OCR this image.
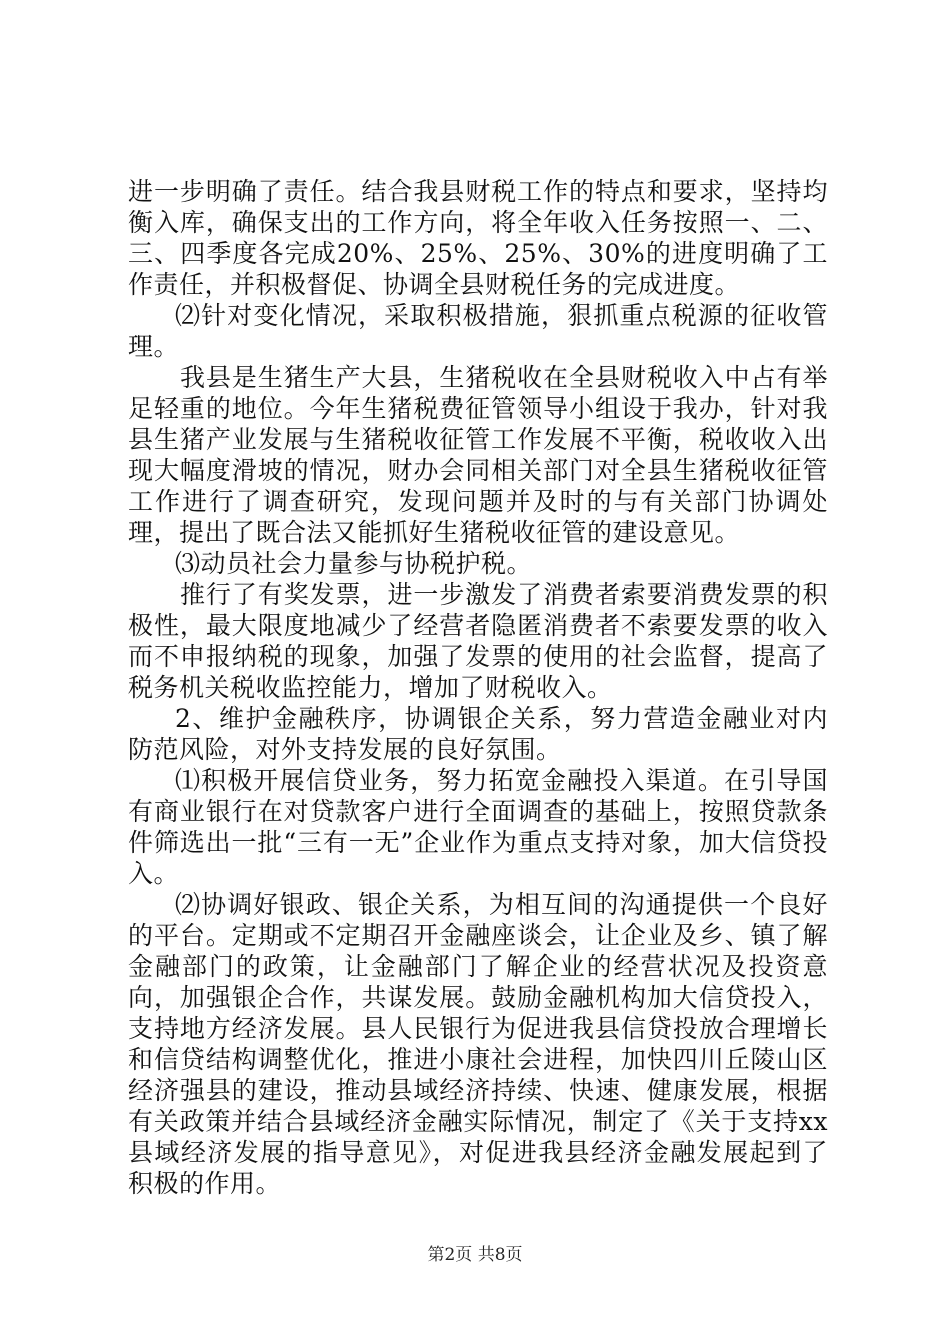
进一步明确了责任。结合我县财税工作的特点和要求，坚持均衡入库，确保支出的工作方向，将全年收入任务按照一、二、三、四季度各完成20%、25%、25%、30%的进度明确了工作责任，并积极督促、协调全县财税任务的完成进度。

⑵针对变化情况，采取积极措施，狠抓重点税源的征收管理。

我县是生猪生产大县，生猪税收在全县财税收入中占有举足轻重的地位。今年生猪税费征管领导小组设于我办，针对我县生猪产业发展与生猪税收征管工作发展不平衡，税收收入出现大幅度滑坡的情况，财办会同相关部门对全县生猪税收征管工作进行了调查研究，发现问题并及时的与有关部门协调处理，提出了既合法又能抓好生猪税收征管的建设意见。

⑶动员社会力量参与协税护税。

推行了有奖发票，进一步激发了消费者索要消费发票的积极性，最大限度地减少了经营者隐匿消费者不索要发票的收入而不申报纳税的现象，加强了发票的使用的社会监督，提高了税务机关税收监控能力，增加了财税收入。

2、维护金融秩序，协调银企关系，努力营造金融业对内防范风险，对外支持发展的良好氛围。

⑴积极开展信贷业务，努力拓宽金融投入渠道。在引导国有商业银行在对贷款客户进行全面调查的基础上，按照贷款条件筛选出一批“三有一无”企业作为重点支持对象，加大信贷投入。

⑵协调好银政、银企关系，为相互间的沟通提供一个良好的平台。定期或不定期召开金融座谈会，让企业及乡、镇了解金融部门的政策，让金融部门了解企业的经营状况及投资意向，加强银企合作，共谋发展。鼓励金融机构加大信贷投入，支持地方经济发展。县人民银行为促进我县信贷投放合理增长和信贷结构调整优化，推进小康社会进程，加快四川丘陵山区经济强县的建设，推动县域经济持续、快速、健康发展，根据有关政策并结合县域经济金融实际情况，制定了《关于支持xx县域经济发展的指导意见》，对促进我县经济金融发展起到了积极的作用。

第2页 共8页
